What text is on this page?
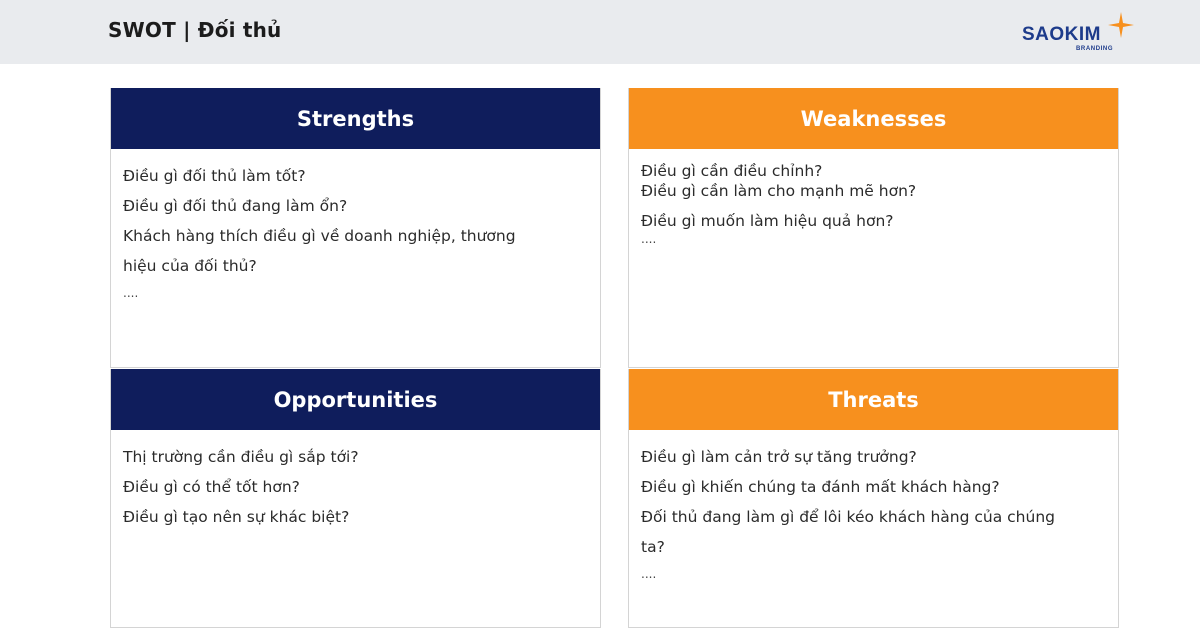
SWOT | Đối thủ	SAOKIM
BRANDING
Strengths
Điều gì đối thủ làm tốt?
Điều gì đối thủ đang làm ổn?
Khách hàng thích điều gì về doanh nghiệp, thương
hiệu của đối thủ?
....
Weaknesses
Điều gì cần điều chỉnh?
Điều gì cần làm cho mạnh mẽ hơn?
Điều gì muốn làm hiệu quả hơn?
....
Opportunities
Thị trường cần điều gì sắp tới?
Điều gì có thể tốt hơn?
Điều gì tạo nên sự khác biệt?
Threats
Điều gì làm cản trở sự tăng trưởng?
Điều gì khiến chúng ta đánh mất khách hàng?
Đối thủ đang làm gì để lôi kéo khách hàng của chúng
ta?
....
